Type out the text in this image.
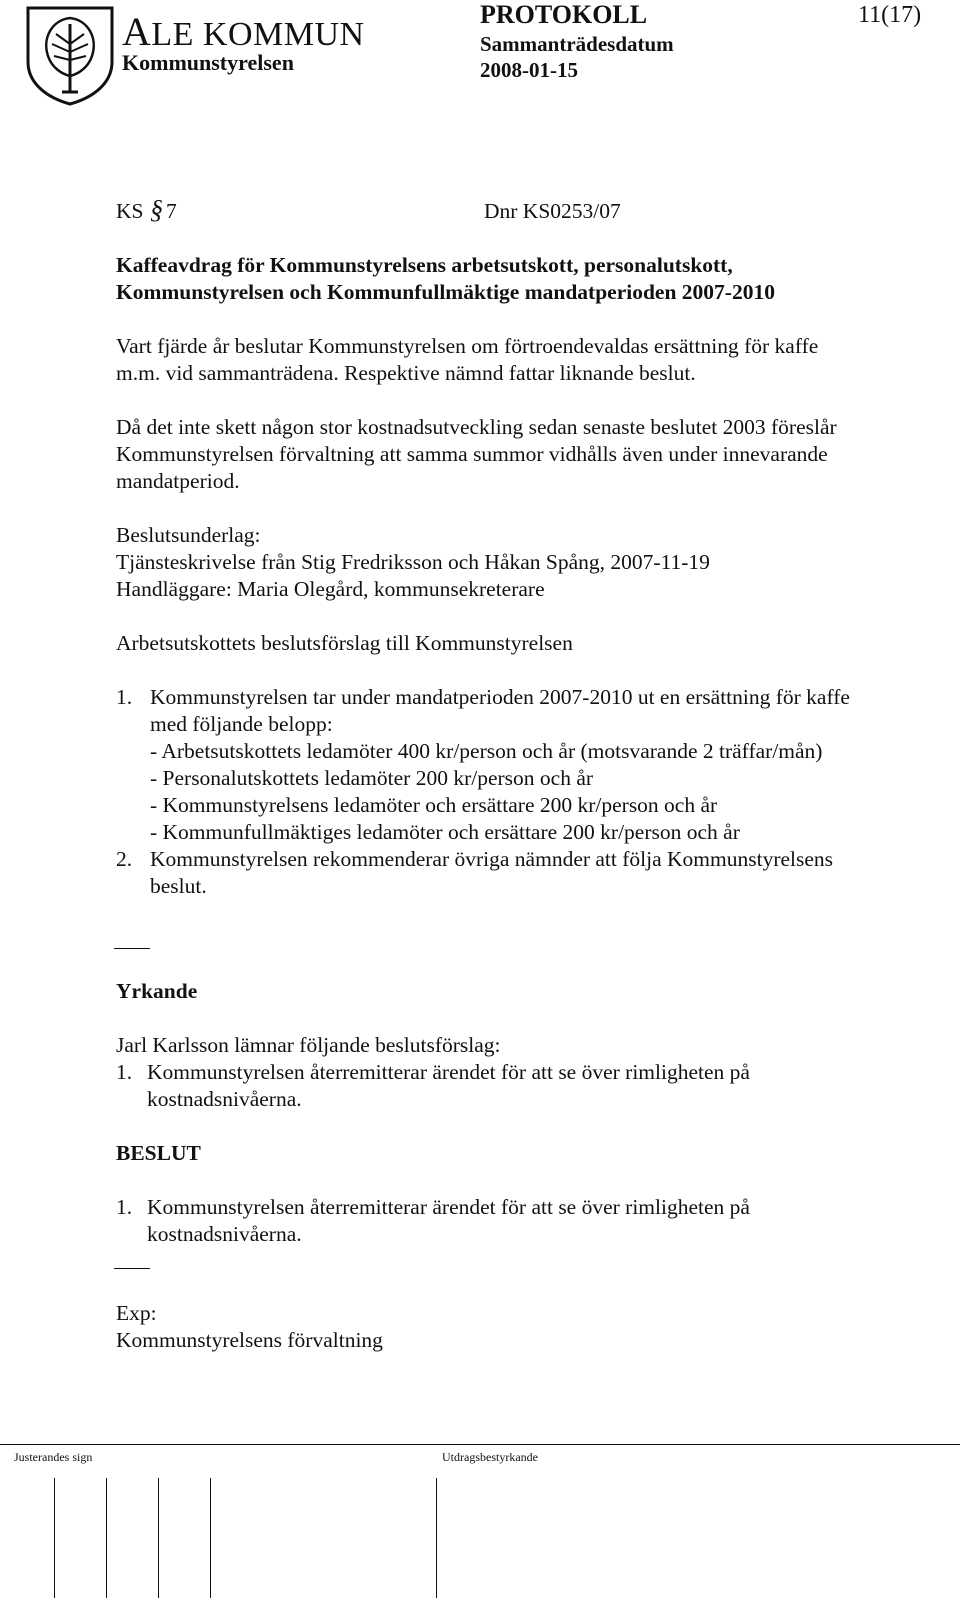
ALE KOMMUN
Kommunstyrelsen
PROTOKOLL
Sammanträdesdatum
2008-01-15
11(17)
KS § 7	Dnr KS0253/07
Kaffeavdrag för Kommunstyrelsens arbetsutskott, personalutskott,
Kommunstyrelsen och Kommunfullmäktige mandatperioden 2007-2010
Vart fjärde år beslutar Kommunstyrelsen om förtroendevaldas ersättning för kaffe
m.m. vid sammanträdena. Respektive nämnd fattar liknande beslut.
Då det inte skett någon stor kostnadsutveckling sedan senaste beslutet 2003 föreslår
Kommunstyrelsen förvaltning att samma summor vidhålls även under innevarande
mandatperiod.
Beslutsunderlag:
Tjänsteskrivelse från Stig Fredriksson och Håkan Spång, 2007-11-19
Handläggare: Maria Olegård, kommunsekreterare
Arbetsutskottets beslutsförslag till Kommunstyrelsen
1. Kommunstyrelsen tar under mandatperioden 2007-2010 ut en ersättning för kaffe
med följande belopp:
- Arbetsutskottets ledamöter 400 kr/person och år (motsvarande 2 träffar/mån)
- Personalutskottets ledamöter 200 kr/person och år
- Kommunstyrelsens ledamöter och ersättare 200 kr/person och år
- Kommunfullmäktiges ledamöter och ersättare 200 kr/person och år
2. Kommunstyrelsen rekommenderar övriga nämnder att följa Kommunstyrelsens
beslut.
Yrkande
Jarl Karlsson lämnar följande beslutsförslag:
1. Kommunstyrelsen återremitterar ärendet för att se över rimligheten på
kostnadsnivåerna.
BESLUT
1. Kommunstyrelsen återremitterar ärendet för att se över rimligheten på
kostnadsnivåerna.
Exp:
Kommunstyrelsens förvaltning
Justerandes sign	Utdragsbestyrkande
